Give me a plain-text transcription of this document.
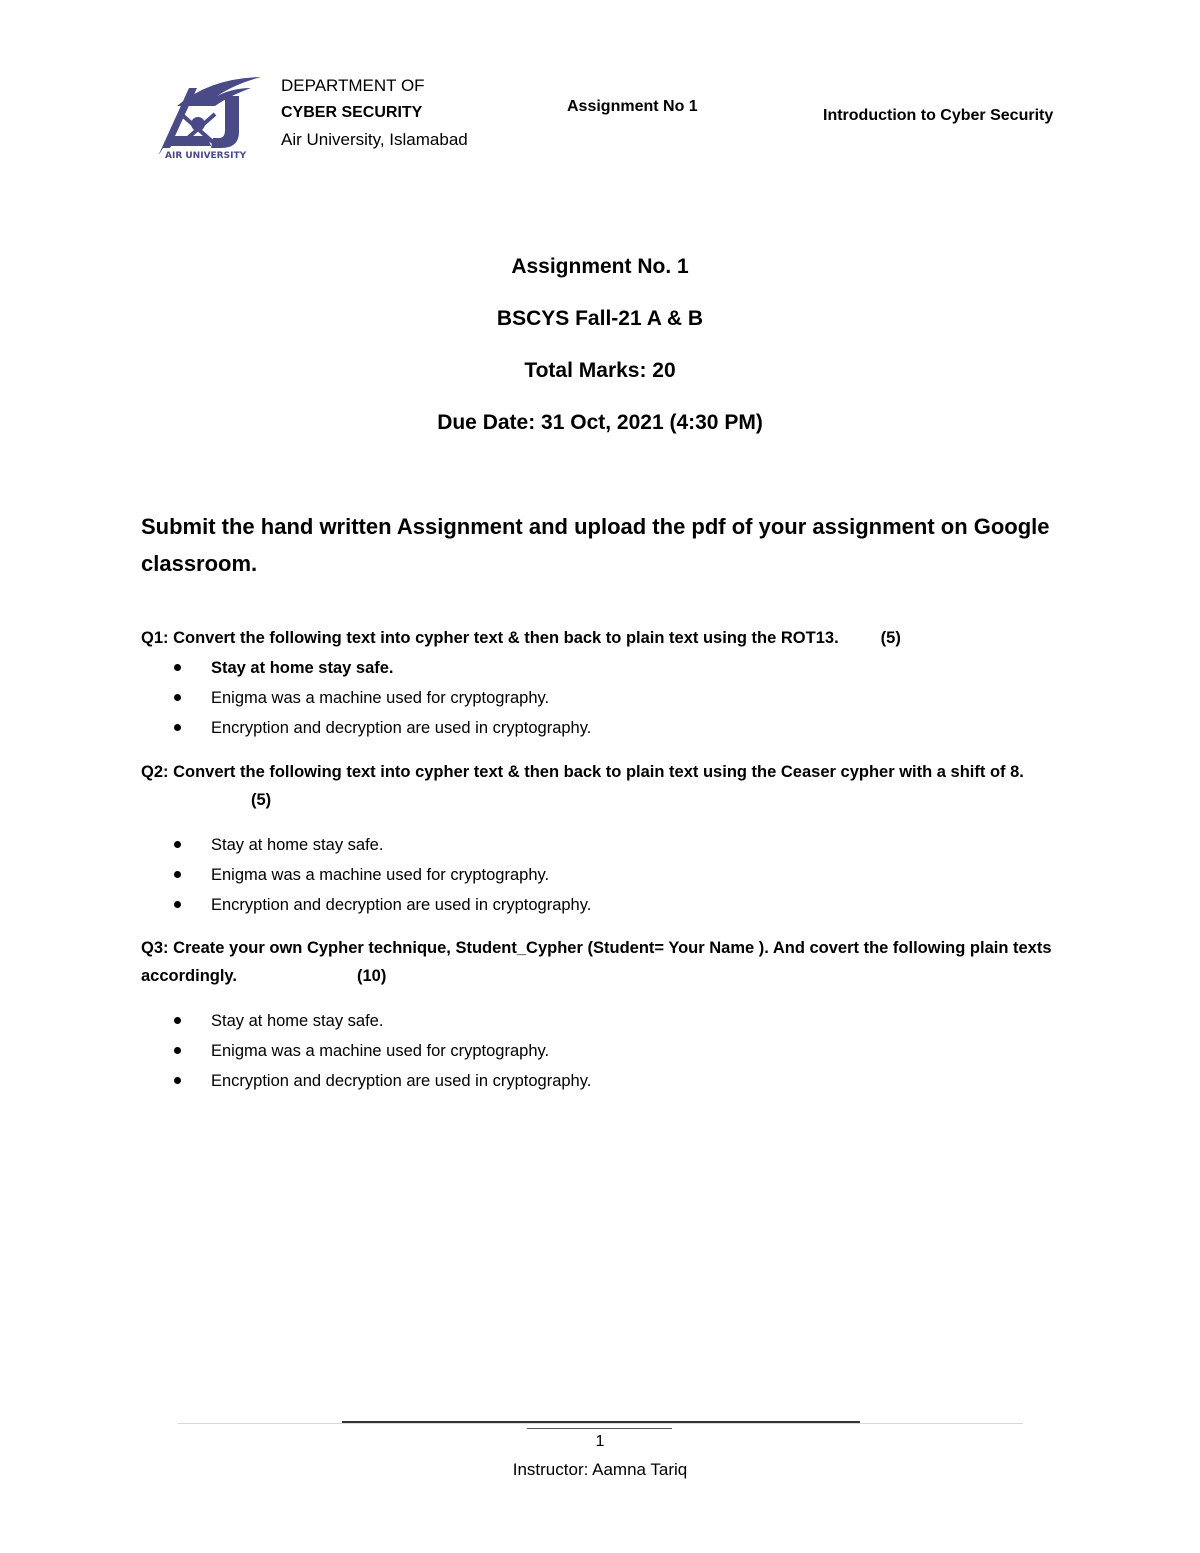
AIR UNIVERSITY
DEPARTMENT OF
CYBER SECURITY
Air University, Islamabad
Assignment No 1
Introduction to Cyber Security
Assignment No. 1
BSCYS Fall-21 A & B
Total Marks: 20
Due Date: 31 Oct, 2021 (4:30 PM)
Submit the hand written Assignment and upload the pdf of your assignment on Google classroom.
Q1: Convert the following text into cypher text & then back to plain text using the ROT13.	(5)
Stay at home stay safe.
Enigma was a machine used for cryptography.
Encryption and decryption are used in cryptography.
Q2: Convert the following text into cypher text & then back to plain text using the Ceaser cypher with a shift of 8.(5)
Stay at home stay safe.
Enigma was a machine used for cryptography.
Encryption and decryption are used in cryptography.
Q3: Create your own Cypher technique, Student_Cypher (Student= Your Name ). And covert the following plain texts accordingly.	(10)
Stay at home stay safe.
Enigma was a machine used for cryptography.
Encryption and decryption are used in cryptography.
1
Instructor: Aamna Tariq
